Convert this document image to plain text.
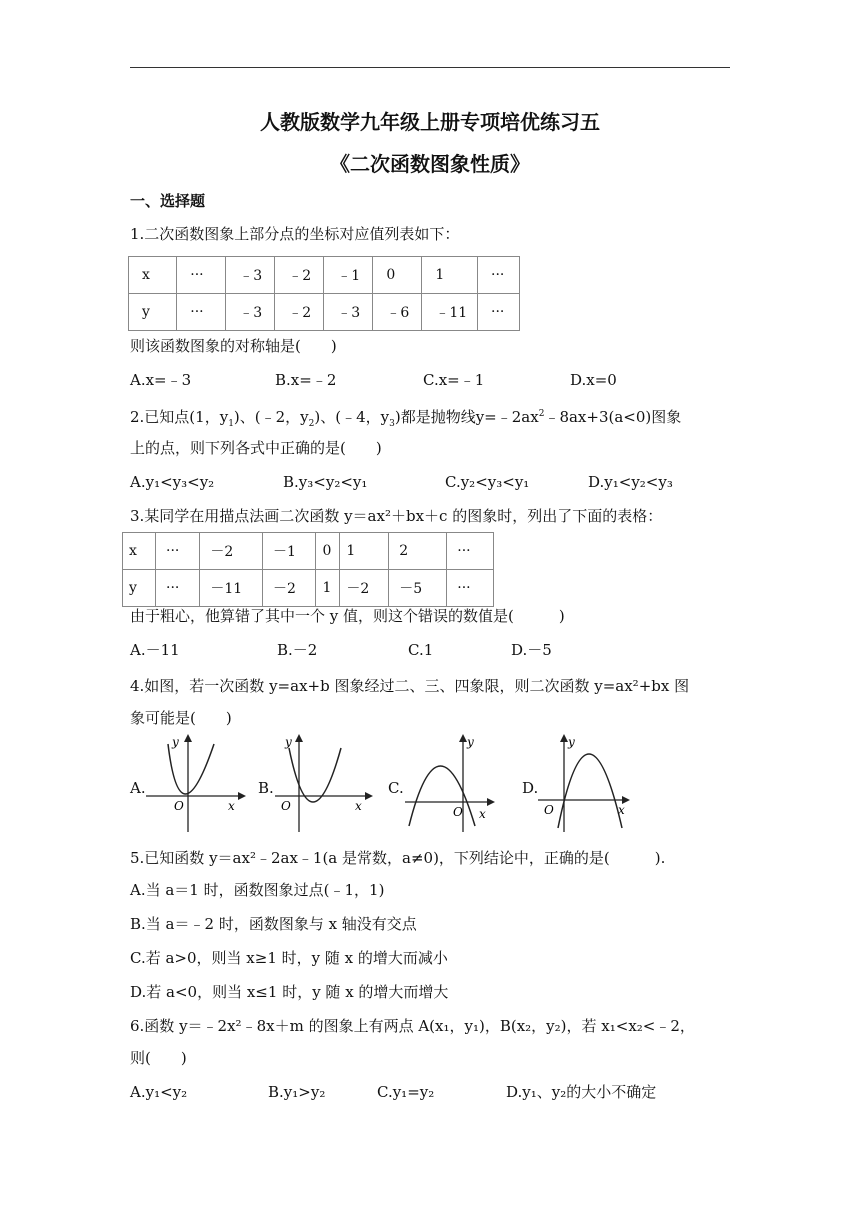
人教版数学九年级上册专项培优练习五
《二次函数图象性质》
一、选择题
1.二次函数图象上部分点的坐标对应值列表如下：
x	···	﹣3	﹣2	﹣1	0	1	···
y	···	﹣3	﹣2	﹣3	﹣6	﹣11	···
则该函数图象的对称轴是(　　)
A.x=﹣3	B.x=﹣2	C.x=﹣1	D.x=0
2.已知点(1，$y_1$)、(﹣2，$y_2$)、(﹣4，$y_3$)都是抛物线$y=﹣2ax^2﹣8ax+3(a<0)$图象
上的点，则下列各式中正确的是(　　)
A.y₁<y₃<y₂	B.y₃<y₂<y₁	C.y₂<y₃<y₁	D.y₁<y₂<y₃
3.某同学在用描点法画二次函数 y＝ax²＋bx＋c 的图象时，列出了下面的表格：
x	···	－2	－1	0	1	2	···
y	···	－11	－2	1	－2	－5	···
由于粗心，他算错了其中一个 y 值，则这个错误的数值是(　　　)
A.－11	B.－2	C.1	D.－5
4.如图，若一次函数 y=ax+b 图象经过二、三、四象限，则二次函数 y=ax²+bx 图
象可能是(　　)
A.	B.	C.	D.
y
x
O
y
x
O
y
x
O
y
x
O
5.已知函数 y＝ax²﹣2ax﹣1(a 是常数，a≠0)，下列结论中，正确的是(　　　).
A.当 a＝1 时，函数图象过点(﹣1，1)
B.当 a＝﹣2 时，函数图象与 x 轴没有交点
C.若 a>0，则当 x≥1 时，y 随 x 的增大而减小
D.若 a<0，则当 x≤1 时，y 随 x 的增大而增大
6.函数 y＝﹣2x²﹣8x＋m 的图象上有两点 A(x₁，y₁)，B(x₂，y₂)，若 x₁<x₂<﹣2，
则(　　)
A.y₁<y₂	B.y₁>y₂	C.y₁=y₂	D.y₁、y₂的大小不确定
